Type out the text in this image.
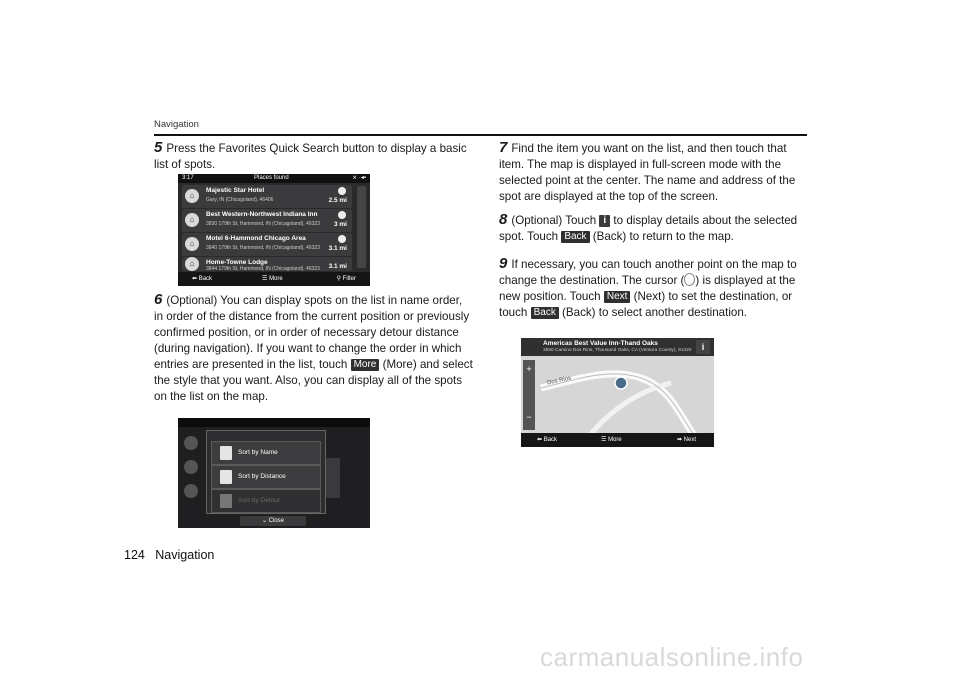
Navigation
5 Press the Favorites Quick Search button to display a basic list of spots.
3:17	Places found	⨯ ·◂▪
⌂
Majestic Star Hotel
Gary, IN (Chicagoland), 46406	2.5 mi
⌂
Best Western-Northwest Indiana Inn
3830 179th St, Hammond, IN (Chicagoland), 46323 3 mi
⌂
Motel 6-Hammond Chicago Area
3840 179th St, Hammond, IN (Chicagoland), 46323 3.1 mi
⌂	Home-Towne Lodge
3844 179th St, Hammond, IN (Chicagoland), 46323 3.1 mi
⬅ Back	☰ More	⚲ Filter
6 (Optional) You can display spots on the list in name order, in order of the distance from the current position or previously confirmed position, or in order of necessary detour distance (during navigation). If you want to change the order in which entries are presented in the list, touch More (More) and select the style that you want. Also, you can display all of the spots on the list on the map.
Sort by Name
Sort by Distance
Sort by Detour
⌄ Close
7 Find the item you want on the list, and then touch that item. The map is displayed in full-screen mode with the selected point at the center. The name and address of the spot are displayed at the top of the screen.
8 (Optional) Touch i to display details about the selected spot. Touch Back (Back) to return to the map.
9 If necessary, you can touch another point on the map to change the destination. The cursor ( ) is displayed at the new position. Touch Next (Next) to set the destination, or touch Back (Back) to select another destination.
Dos Rios
Americas Best Value Inn-Thand Oaks
3850 Camino Dos Rios, Thousand Oaks, CA (Ventura County), 91320	i
+
−
⬅ Back	☰ More	➡ Next
124 Navigation
carmanualsonline.info
